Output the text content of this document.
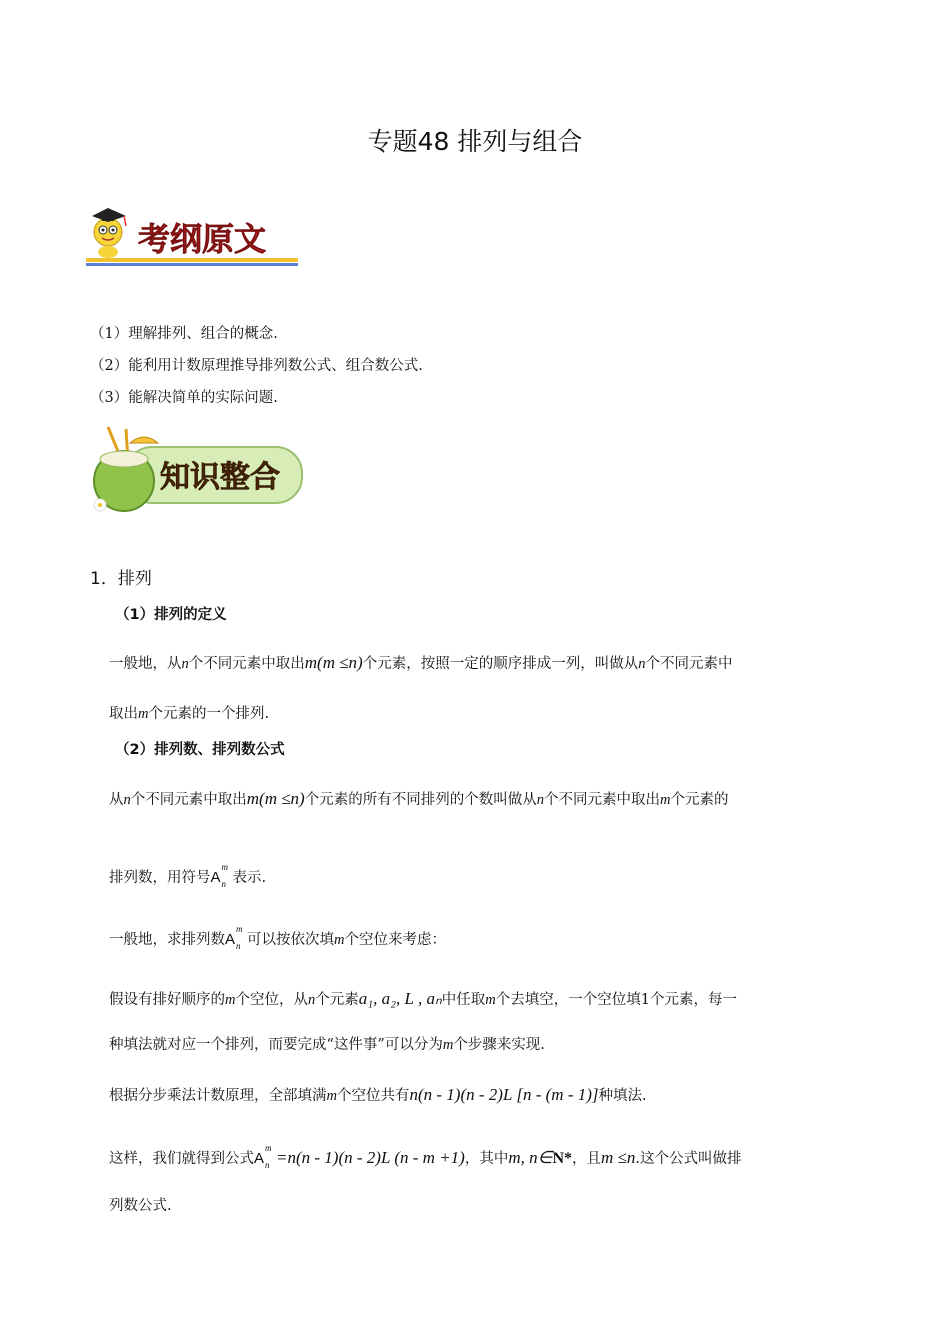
专题48 排列与组合
考纲原文
（1）理解排列、组合的概念.
（2）能利用计数原理推导排列数公式、组合数公式.
（3）能解决简单的实际问题.
知识整合
1．排列
（1）排列的定义
一般地，从n个不同元素中取出m(m ≤n)个元素，按照一定的顺序排成一列，叫做从n个不同元素中
取出m个元素的一个排列.
（2）排列数、排列数公式
从n个不同元素中取出m(m ≤n)个元素的所有不同排列的个数叫做从n个不同元素中取出m个元素的
排列数，用符号A
m
n 表示.
一般地，求排列数A
m
n 可以按依次填m个空位来考虑：
假设有排好顺序的m个空位，从n个元素a₁, a₂, L , aₙ中任取m个去填空，一个空位填1个元素，每一
种填法就对应一个排列，而要完成“这件事”可以分为m个步骤来实现.
根据分步乘法计数原理，全部填满m个空位共有n(n - 1)(n - 2)L [n - (m - 1)]种填法.
这样，我们就得到公式A
m
n =n(n - 1)(n - 2)L (n - m +1)，其中m, n∈N*，且m ≤n.这个公式叫做排
列数公式.
